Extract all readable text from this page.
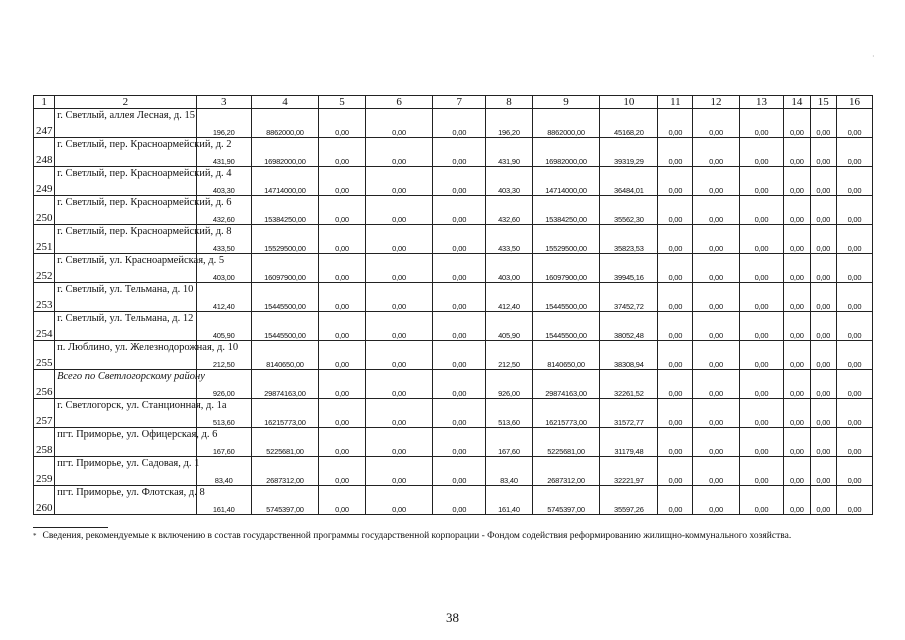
·
1	2	3	4	5	6	7	8	9	10	11	12	13	14	15	16
247	г. Светлый, аллея Лесная, д. 15	196,20	8862000,00	0,00	0,00	0,00	196,20	8862000,00	45168,20	0,00	0,00	0,00	0,00	0,00	0,00
248	г. Светлый, пер. Красноармейский, д. 2	431,90	16982000,00	0,00	0,00	0,00	431,90	16982000,00	39319,29	0,00	0,00	0,00	0,00	0,00	0,00
249	г. Светлый, пер. Красноармейский, д. 4	403,30	14714000,00	0,00	0,00	0,00	403,30	14714000,00	36484,01	0,00	0,00	0,00	0,00	0,00	0,00
250	г. Светлый, пер. Красноармейский, д. 6	432,60	15384250,00	0,00	0,00	0,00	432,60	15384250,00	35562,30	0,00	0,00	0,00	0,00	0,00	0,00
251	г. Светлый, пер. Красноармейский, д. 8	433,50	15529500,00	0,00	0,00	0,00	433,50	15529500,00	35823,53	0,00	0,00	0,00	0,00	0,00	0,00
252	г. Светлый, ул. Красноармейская, д. 5	403,00	16097900,00	0,00	0,00	0,00	403,00	16097900,00	39945,16	0,00	0,00	0,00	0,00	0,00	0,00
253	г. Светлый, ул. Тельмана, д. 10	412,40	15445500,00	0,00	0,00	0,00	412,40	15445500,00	37452,72	0,00	0,00	0,00	0,00	0,00	0,00
254	г. Светлый, ул. Тельмана, д. 12	405,90	15445500,00	0,00	0,00	0,00	405,90	15445500,00	38052,48	0,00	0,00	0,00	0,00	0,00	0,00
255	п. Люблино, ул. Железнодорожная, д. 10	212,50	8140650,00	0,00	0,00	0,00	212,50	8140650,00	38308,94	0,00	0,00	0,00	0,00	0,00	0,00
256	Всего по Светлогорскому району	926,00	29874163,00	0,00	0,00	0,00	926,00	29874163,00	32261,52	0,00	0,00	0,00	0,00	0,00	0,00
257	г. Светлогорск, ул. Станционная, д. 1а	513,60	16215773,00	0,00	0,00	0,00	513,60	16215773,00	31572,77	0,00	0,00	0,00	0,00	0,00	0,00
258	пгт. Приморье, ул. Офицерская, д. 6	167,60	5225681,00	0,00	0,00	0,00	167,60	5225681,00	31179,48	0,00	0,00	0,00	0,00	0,00	0,00
259	пгт. Приморье, ул. Садовая, д. 1	83,40	2687312,00	0,00	0,00	0,00	83,40	2687312,00	32221,97	0,00	0,00	0,00	0,00	0,00	0,00
260	пгт. Приморье, ул. Флотская, д. 8	161,40	5745397,00	0,00	0,00	0,00	161,40	5745397,00	35597,26	0,00	0,00	0,00	0,00	0,00	0,00
* Сведения, рекомендуемые к включению в состав государственной программы государственной корпорации - Фондом содействия реформированию жилищно-коммунального хозяйства.
38
